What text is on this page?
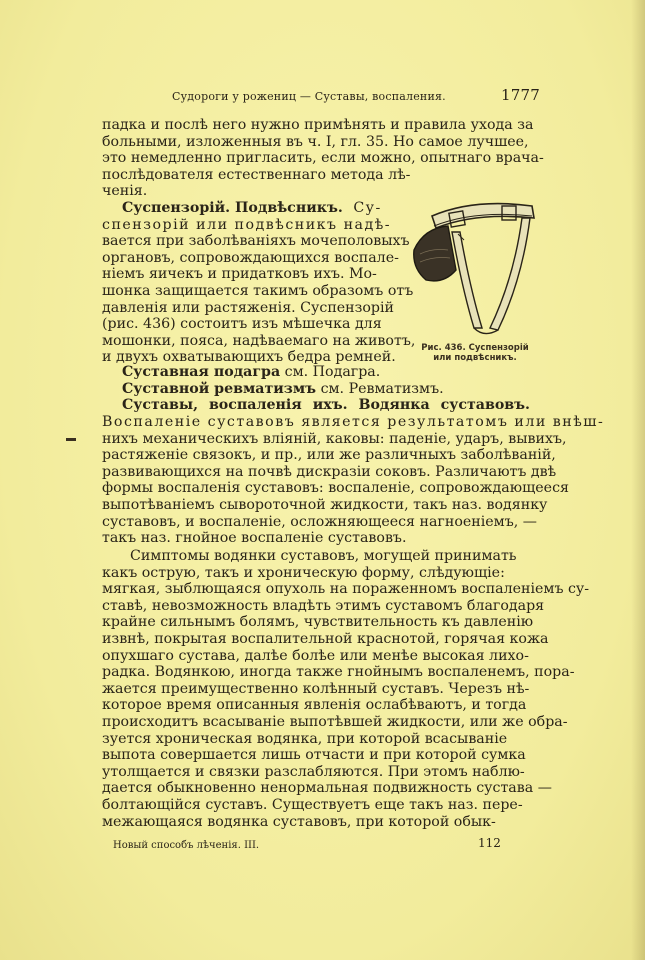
Судороги у рожениц — Суставы, воспаления.	1777
падка и послѣ него нужно примѣнять и правила ухода за
больными, изложенныя въ ч. I, гл. 35. Но самое лучшее,
это немедленно пригласить, если можно, опытнаго врача-
послѣдователя естественнаго метода лѣ-
ченія.
Суспензорій. Подвѣсникъ. Су-
спензорій или подвѣсникъ надѣ-
вается при заболѣваніяхъ мочеполовыхъ
органовъ, сопровождающихся воспале-
ніемъ яичекъ и придатковъ ихъ. Мо-
шонка защищается такимъ образомъ отъ
давленія или растяженія. Суспензорій
(рис. 436) состоитъ изъ мѣшечка для
мошонки, пояса, надѣваемаго на животъ,
и двухъ охватывающихъ бедра ремней.
Рис. 436. Суспензорій
или подвѣсникъ.
Суставная подагра см. Подагра.
Суставной ревматизмъ см. Ревматизмъ.
Суставы, воспаленія ихъ. Водянка суставовъ.
Воспаленіе суставовъ является результатомъ или внѣш-
нихъ механическихъ вліяній, каковы: паденіе, ударъ, вывихъ,
растяженіе связокъ, и пр., или же различныхъ заболѣваній,
развивающихся на почвѣ дискразіи соковъ. Различаютъ двѣ
формы воспаленія суставовъ: воспаленіе, сопровождающееся
выпотѣваніемъ сывороточной жидкости, такъ наз. водянку
суставовъ, и воспаленіе, осложняющееся нагноеніемъ, —
такъ наз. гнойное воспаленіе суставовъ.
Симптомы водянки суставовъ, могущей принимать
какъ острую, такъ и хроническую форму, слѣдующіе:
мягкая, зыблющаяся опухоль на пораженномъ воспаленіемъ су-
ставѣ, невозможность владѣть этимъ суставомъ благодаря
крайне сильнымъ болямъ, чувствительность къ давленію
извнѣ, покрытая воспалительной краснотой, горячая кожа
опухшаго сустава, далѣе болѣе или менѣе высокая лихо-
радка. Водянкою, иногда также гнойнымъ воспаленемъ, пора-
жается преимущественно колѣнный суставъ. Черезъ нѣ-
которое время описанныя явленія ослабѣваютъ, и тогда
происходитъ всасываніе выпотѣвшей жидкости, или же обра-
зуется хроническая водянка, при которой всасываніе
выпота совершается лишь отчасти и при которой сумка
утолщается и связки разслабляются. При этомъ наблю-
дается обыкновенно ненормальная подвижность сустава —
болтающійся суставъ. Существуетъ еще такъ наз. пере-
межающаяся водянка суставовъ, при которой обык-
Новый способъ лѣченія. III.	112
